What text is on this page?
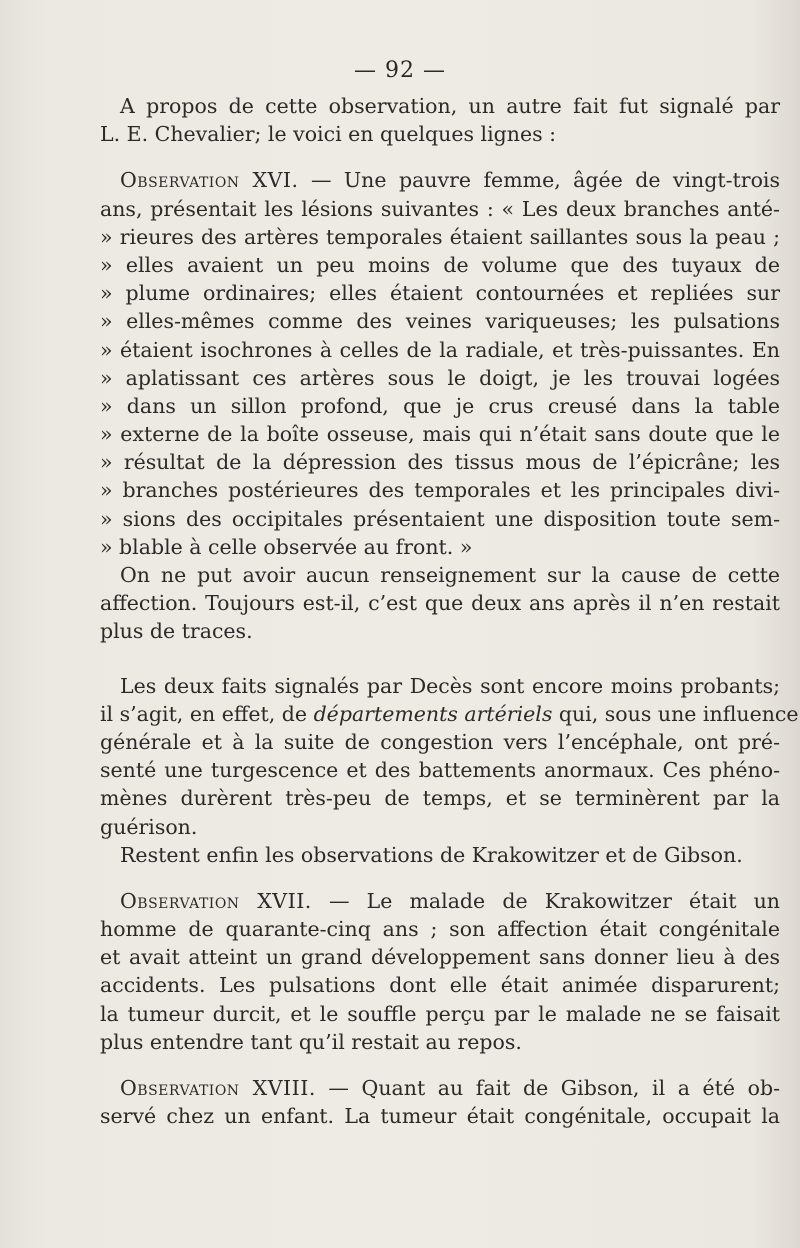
— 92 —
A propos de cette observation, un autre fait fut signalé par
L. E. Chevalier; le voici en quelques lignes :
Observation XVI. — Une pauvre femme, âgée de vingt-trois
ans, présentait les lésions suivantes : « Les deux branches anté-
» rieures des artères temporales étaient saillantes sous la peau ;
» elles avaient un peu moins de volume que des tuyaux de
» plume ordinaires; elles étaient contournées et repliées sur
» elles-mêmes comme des veines variqueuses; les pulsations
» étaient isochrones à celles de la radiale, et très-puissantes. En
» aplatissant ces artères sous le doigt, je les trouvai logées
» dans un sillon profond, que je crus creusé dans la table
» externe de la boîte osseuse, mais qui n’était sans doute que le
» résultat de la dépression des tissus mous de l’épicrâne; les
» branches postérieures des temporales et les principales divi-
» sions des occipitales présentaient une disposition toute sem-
» blable à celle observée au front. »
On ne put avoir aucun renseignement sur la cause de cette
affection. Toujours est-il, c’est que deux ans après il n’en restait
plus de traces.
Les deux faits signalés par Decès sont encore moins probants;
il s’agit, en effet, de départements artériels qui, sous une influence
générale et à la suite de congestion vers l’encéphale, ont pré-
senté une turgescence et des battements anormaux. Ces phéno-
mènes durèrent très-peu de temps, et se terminèrent par la
guérison.
Restent enfin les observations de Krakowitzer et de Gibson.
Observation XVII. — Le malade de Krakowitzer était un
homme de quarante-cinq ans ; son affection était congénitale
et avait atteint un grand développement sans donner lieu à des
accidents. Les pulsations dont elle était animée disparurent;
la tumeur durcit, et le souffle perçu par le malade ne se faisait
plus entendre tant qu’il restait au repos.
Observation XVIII. — Quant au fait de Gibson, il a été ob-
servé chez un enfant. La tumeur était congénitale, occupait la
